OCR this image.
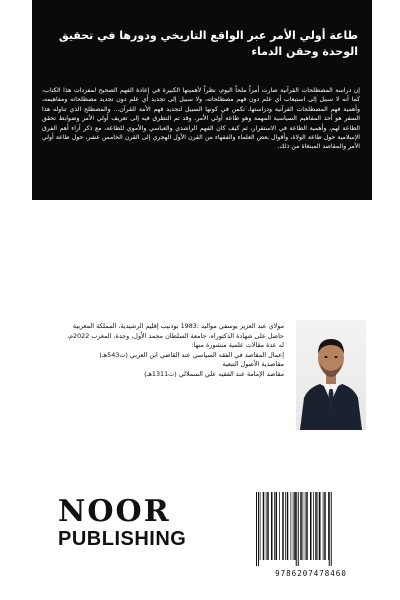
طاعة أولي الأمر عبر الواقع التاريخي ودورها في تحقيق الوحدة وحقن الدماء

إن دراسة المصطلحات القرآنية صارت أمراً ملحاً اليوم، نظراً لأهميتها الكبيرة في إعادة الفهم الصحيح لمفردات هذا الكتاب، كما أنه لا سبيل إلى استيعاب أي علم دون فهم مصطلحاته، ولا سبيل إلى تجديد أي علم دون تجديد مصطلحاته ومفاهيمه، وأهمية فهم المصطلحات القرآنية ودراستها، تكمن في كونها السبيل لتجديد فهم الأمة للقرآن... والمصطلح الذي تناوله هذا السفر هو أحد المفاهيم السياسية المهمة وهو طاعة أولي الأمر، وقد تم التطرق فيه إلى تعريف أولي الأمر وضوابط تحقق الطاعة لهم، وأهمية الطاعة في الاستقرار، ثم كيف كان الفهم الراشدي والعباسي والأموي للطاعة، مع ذكر آراء أهم الفرق الإسلامية حول طاعة الولاة، وأقوال بعض العلماء والفقهاء من القرن الأول الهجري إلى القرن الخامس عشر، حول طاعة أولي الأمر والمقاصد المبتغاة من ذلك.

مولاي عبد العزيز يوسفي مواليد :1983 بوذنيب إقليم الرشيدية، المملكة المغربية حاصل على شهادة الدكتوراه، جامعة السلطان محمد الأول، وجدة، المغرب 2022م، له عدة مقالات علمية منشورة منها:

إعمال المقاصد في الفقه السياسي عند القاضي ابن العربي (ت543هـ)

مقاصدية الأصول التبعية

مقاصد الإمامة عند الفقيه علي السملالي (ت1311هـ)

NOOR
PUBLISHING
9786207478460
